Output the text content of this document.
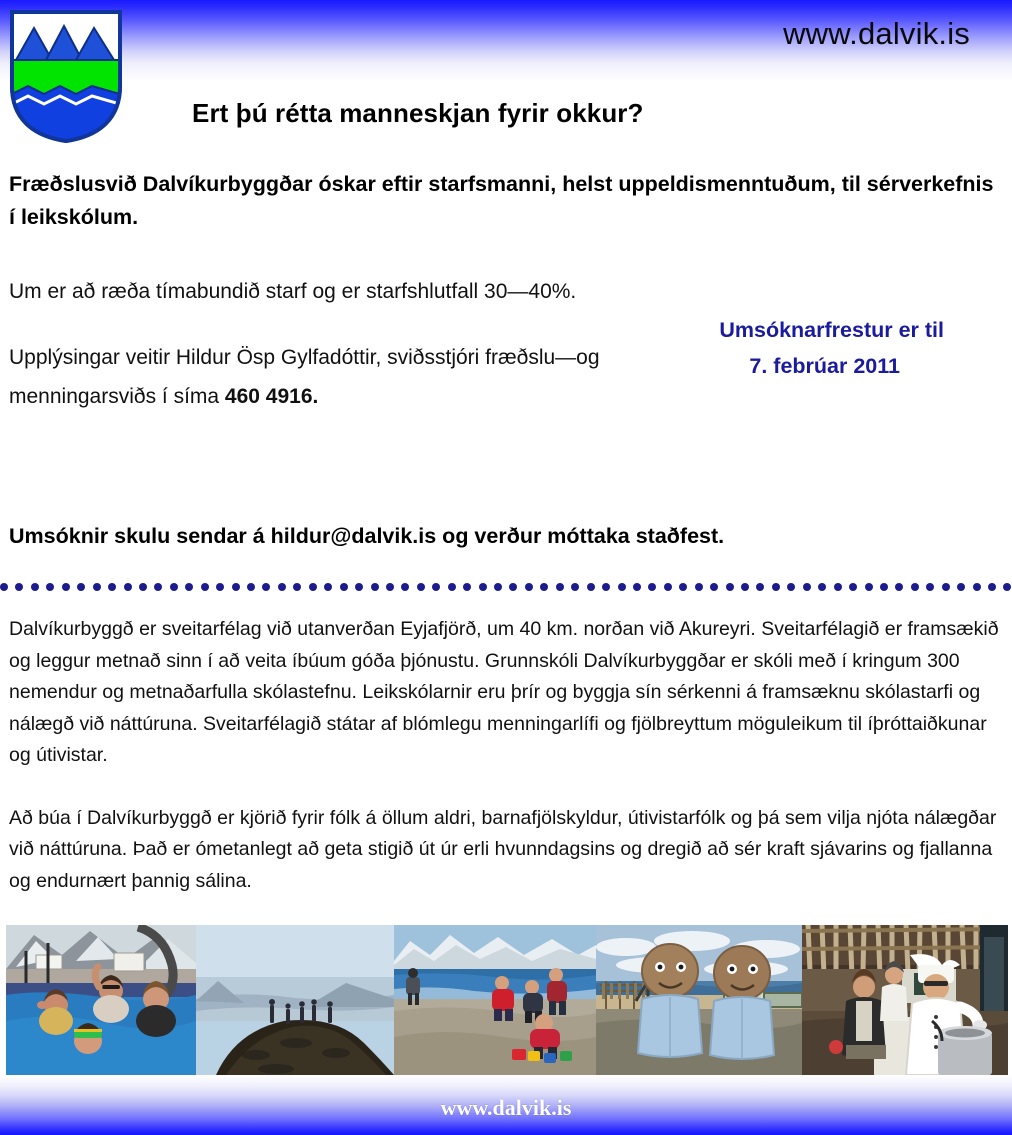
www.dalvik.is
Ert þú rétta manneskjan fyrir okkur?
Fræðslusvið Dalvíkurbyggðar óskar eftir starfsmanni, helst uppeldismenntuðum, til sérverkefnis í leikskólum.

Um er að ræða tímabundið starf og er starfshlutfall 30—40%.

Upplýsingar veitir Hildur Ösp Gylfadóttir, sviðsstjóri fræðslu—og menningarsviðs í síma 460 4916.

Umsóknarfrestur er til
7. febrúar 2011
Umsóknir skulu sendar á hildur@dalvik.is og verður móttaka staðfest.

Dalvíkurbyggð er sveitarfélag við utanverðan Eyjafjörð, um 40 km. norðan við Akureyri. Sveitarfélagið er framsækið og leggur metnað sinn í að veita íbúum góða þjónustu. Grunnskóli Dalvíkurbyggðar er skóli með í kringum 300 nemendur og metnaðarfulla skólastefnu. Leikskólarnir eru þrír og byggja sín sérkenni á framsæknu skólastarfi og nálægð við náttúruna. Sveitarfélagið státar af blómlegu menningarlífi og fjölbreyttum möguleikum til íþróttaiðkunar og útivistar.

Að búa í Dalvíkurbyggð er kjörið fyrir fólk á öllum aldri, barnafjölskyldur, útivistarfólk og þá sem vilja njóta nálægðar við náttúruna. Það er ómetanlegt að geta stigið út úr erli hvunndagsins og dregið að sér kraft sjávarins og fjallanna og endurnært þannig sálina.

www.dalvik.is
